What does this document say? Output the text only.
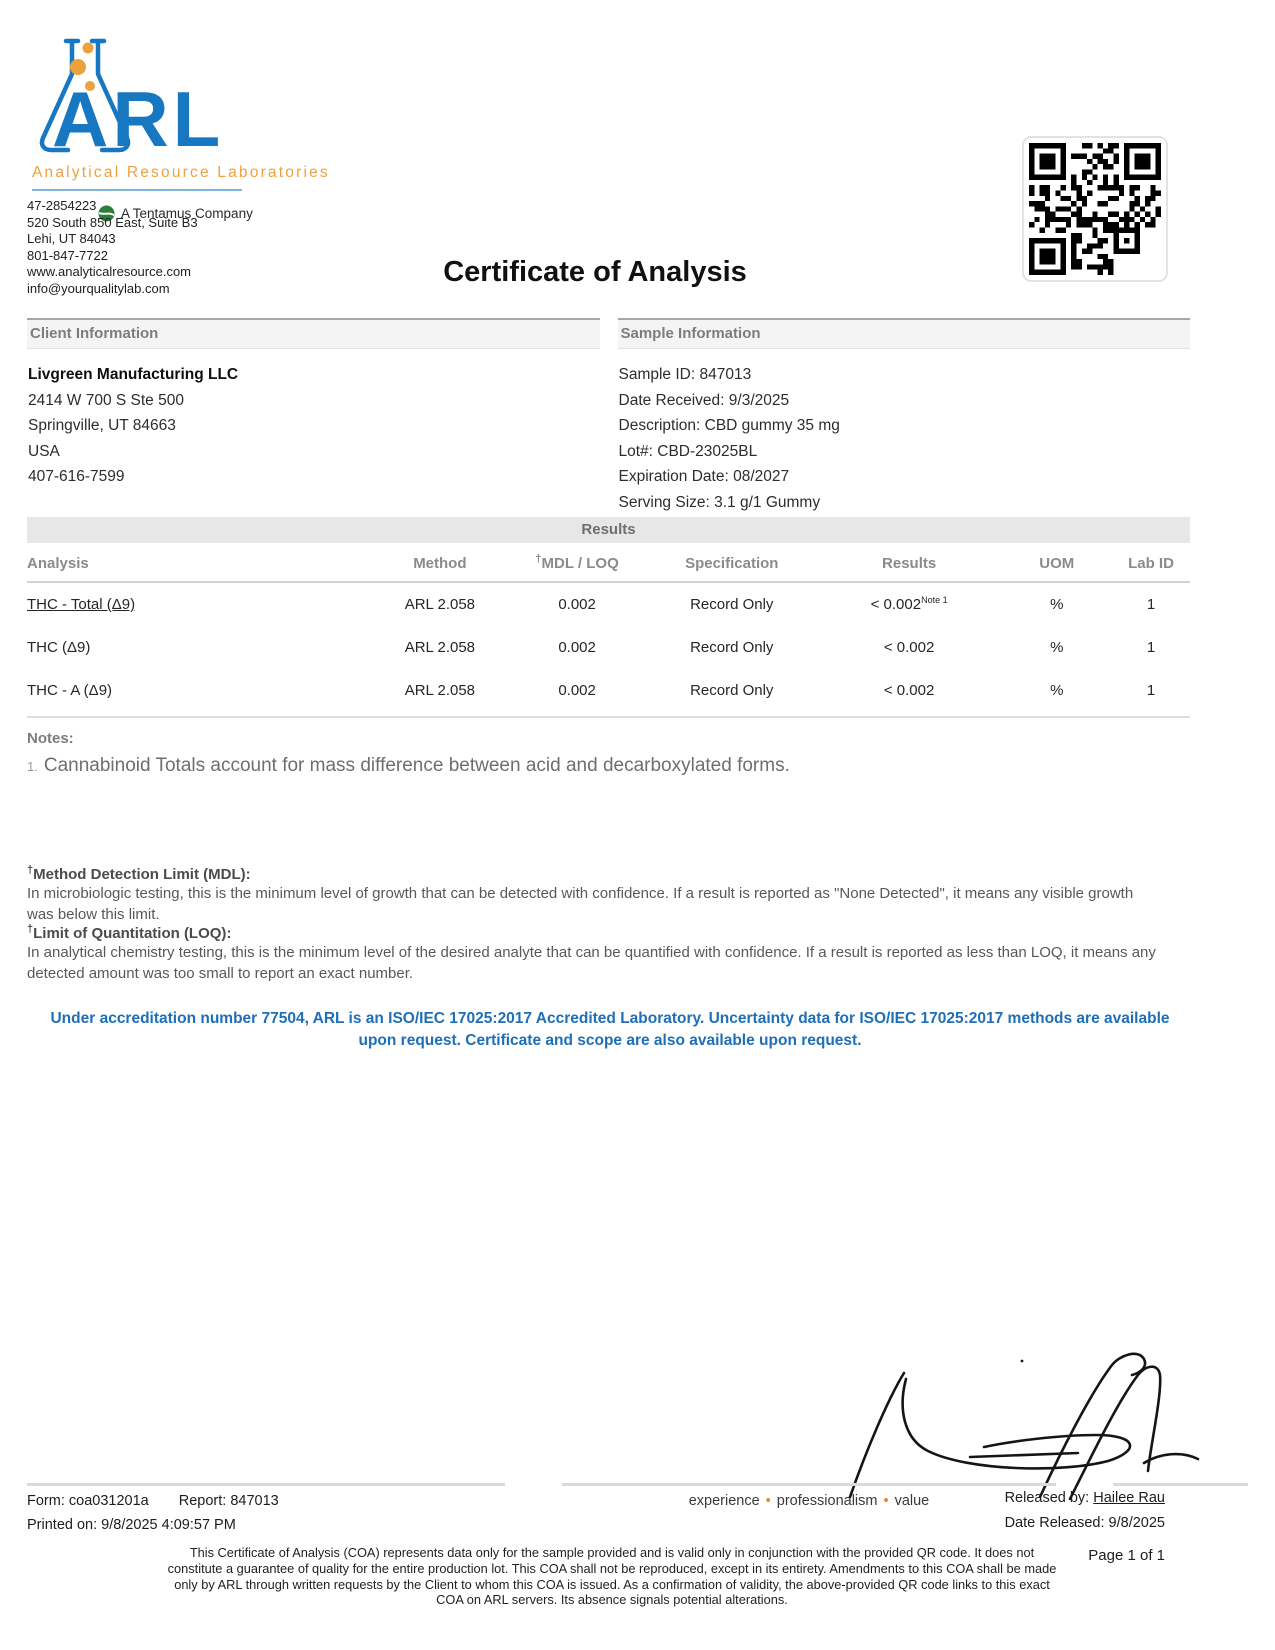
ARL
Analytical Resource Laboratories
A Tentamus Company
47-2854223
520 South 850 East, Suite B3
Lehi, UT 84043
801-847-7722
www.analyticalresource.com
info@yourqualitylab.com
Certificate of Analysis
Client Information
Livgreen Manufacturing LLC
2414 W 700 S Ste 500
Springville, UT 84663
USA
407-616-7599
Sample Information
Sample ID: 847013
Date Received: 9/3/2025
Description: CBD gummy 35 mg
Lot#: CBD-23025BL
Expiration Date: 08/2027
Serving Size: 3.1 g/1 Gummy
Results
Analysis	Method	†MDL / LOQ	Specification	Results	UOM	Lab ID
THC - Total (Δ9)	ARL 2.058	0.002	Record Only	< 0.002$^{Note 1}$	%	1
THC (Δ9)	ARL 2.058	0.002	Record Only	< 0.002	%	1
THC - A (Δ9)	ARL 2.058	0.002	Record Only	< 0.002	%	1
Notes:
1. Cannabinoid Totals account for mass difference between acid and decarboxylated forms.
†Method Detection Limit (MDL):
In microbiologic testing, this is the minimum level of growth that can be detected with confidence. If a result is reported as "None Detected", it means any visible growth was below this limit.
†Limit of Quantitation (LOQ):
In analytical chemistry testing, this is the minimum level of the desired analyte that can be quantified with confidence. If a result is reported as less than LOQ, it means any detected amount was too small to report an exact number.
Under accreditation number 77504, ARL is an ISO/IEC 17025:2017 Accredited Laboratory. Uncertainty data for ISO/IEC 17025:2017 methods are available upon request. Certificate and scope are also available upon request.
Form: coa031201a Report: 847013
Printed on: 9/8/2025 4:09:57 PM
experience • professionalism • value	Released by: Hailee Rau
Date Released: 9/8/2025
Page 1 of 1
This Certificate of Analysis (COA) represents data only for the sample provided and is valid only in conjunction with the provided QR code. It does not constitute a guarantee of quality for the entire production lot. This COA shall not be reproduced, except in its entirety. Amendments to this COA shall be made only by ARL through written requests by the Client to whom this COA is issued. As a confirmation of validity, the above-provided QR code links to this exact COA on ARL servers. Its absence signals potential alterations.
